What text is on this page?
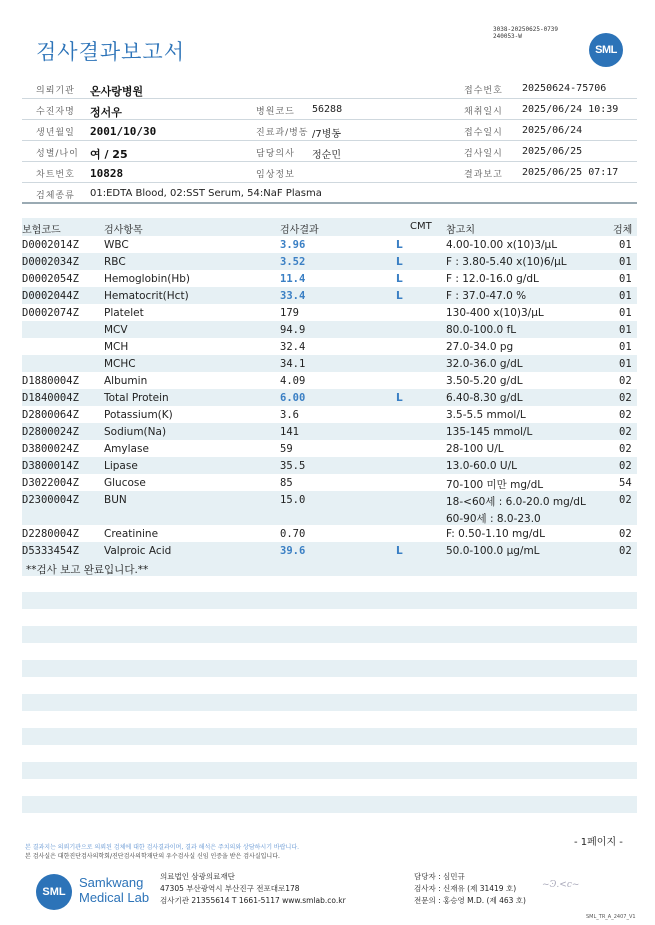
검사결과보고서
3038-20250625-0739
240053-W
SML
의뢰기관 온사랑병원	접수번호 20250624-75706
수진자명 정서우	병원코드 56288	채취일시 2025/06/24 10:39
생년월일 2001/10/30	진료과/병동 /7병동	접수일시 2025/06/24
성별/나이 여 / 25	담당의사 정순민	검사일시 2025/06/25
차트번호 10828	임상정보	결과보고 2025/06/25 07:17
검체종류 01:EDTA Blood, 02:SST Serum, 54:NaF Plasma
보험코드	검사항목	검사결과	CMT 참고치	검체
D0002014Z WBC	3.96	L	4.00-10.00 x(10)3/μL	01
D0002034Z RBC	3.52	L	F : 3.80-5.40 x(10)6/μL	01
D0002054Z Hemoglobin(Hb)	11.4	L	F : 12.0-16.0 g/dL	01
D0002044Z Hematocrit(Hct)	33.4	L	F : 37.0-47.0 %	01
D0002074Z Platelet	179	130-400 x(10)3/μL	01
MCV	94.9	80.0-100.0 fL	01
MCH	32.4	27.0-34.0 pg	01
MCHC	34.1	32.0-36.0 g/dL	01
D1880004Z Albumin	4.09	3.50-5.20 g/dL	02
D1840004Z Total Protein	6.00	L	6.40-8.30 g/dL	02
D2800064Z Potassium(K)	3.6	3.5-5.5 mmol/L	02
D2800024Z Sodium(Na)	141	135-145 mmol/L	02
D3800024Z Amylase	59	28-100 U/L	02
D3800014Z Lipase	35.5	13.0-60.0 U/L	02
D3022004Z Glucose	85	70-100 미만 mg/dL	54
D2300004Z BUN	15.0	18-<60세 : 6.0-20.0 mg/dL	02
60-90세 : 8.0-23.0
D2280004Z Creatinine	0.70	F: 0.50-1.10 mg/dL	02
D5333454Z Valproic Acid	39.6	L	50.0-100.0 μg/mL	02
**검사 보고 완료입니다.**
본 결과지는 의뢰기관으로 의뢰된 검체에 대한 검사결과이며, 결과 해석은 주치의와 상담하시기 바랍니다.
본 검사실은 대한진단검사의학회/진단검사의학재단의 우수검사실 신임 인증을 받은 검사실입니다.
- 1페이지 -
SML
Samkwang
Medical Lab
의료법인 삼광의료재단
47305 부산광역시 부산진구 전포대로178
검사기관 21355614 T 1661-5117 www.smlab.co.kr
담당자 : 심민규
검사자 : 신재유 (제 31419 호)
전문의 : 홍승영 M.D. (제 463 호)
~Ͽ.<c~
SML_TR_A_2407_V1
